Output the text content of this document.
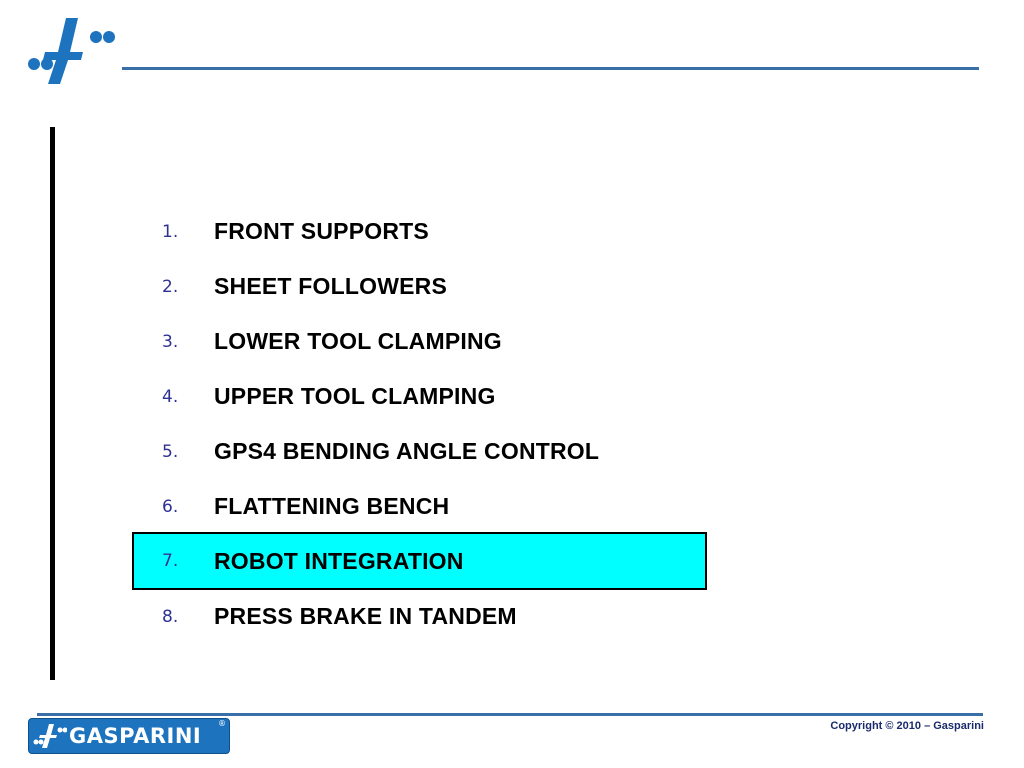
1. FRONT SUPPORTS
2. SHEET FOLLOWERS
3. LOWER TOOL CLAMPING
4. UPPER TOOL CLAMPING
5. GPS4 BENDING ANGLE CONTROL
6. FLATTENING BENCH
7. ROBOT INTEGRATION
8. PRESS BRAKE IN TANDEM
GASPARINI
®	Copyright © 2010 – Gasparini
